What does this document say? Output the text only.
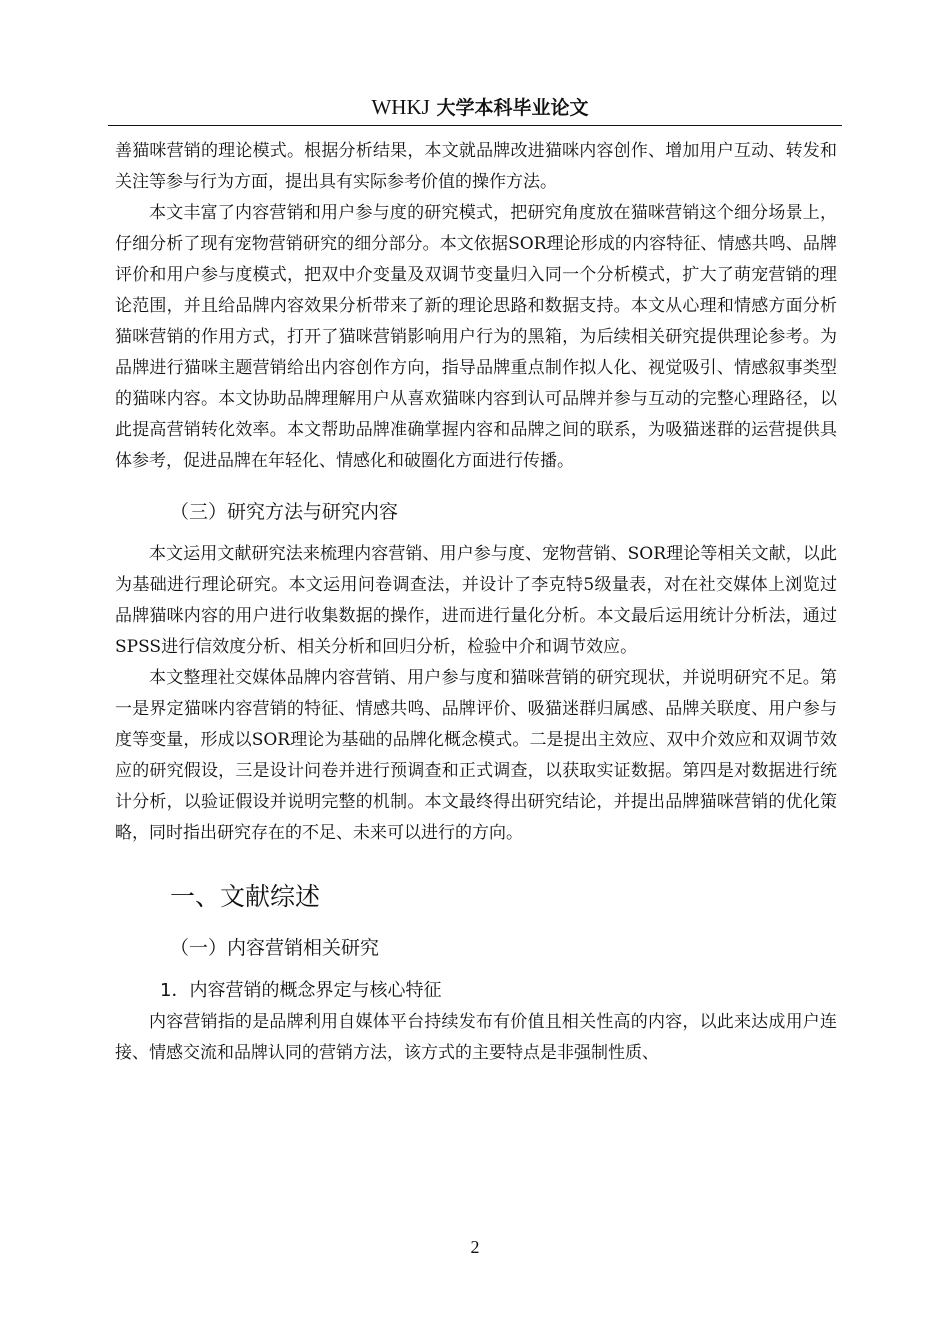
WHKJ 大学本科毕业论文

善猫咪营销的理论模式。根据分析结果，本文就品牌改进猫咪内容创作、增加用户互动、转发和关注等参与行为方面，提出具有实际参考价值的操作方法。

本文丰富了内容营销和用户参与度的研究模式，把研究角度放在猫咪营销这个细分场景上，仔细分析了现有宠物营销研究的细分部分。本文依据SOR理论形成的内容特征、情感共鸣、品牌评价和用户参与度模式，把双中介变量及双调节变量归入同一个分析模式，扩大了萌宠营销的理论范围，并且给品牌内容效果分析带来了新的理论思路和数据支持。本文从心理和情感方面分析猫咪营销的作用方式，打开了猫咪营销影响用户行为的黑箱，为后续相关研究提供理论参考。为品牌进行猫咪主题营销给出内容创作方向，指导品牌重点制作拟人化、视觉吸引、情感叙事类型的猫咪内容。本文协助品牌理解用户从喜欢猫咪内容到认可品牌并参与互动的完整心理路径，以此提高营销转化效率。本文帮助品牌准确掌握内容和品牌之间的联系，为吸猫迷群的运营提供具体参考，促进品牌在年轻化、情感化和破圈化方面进行传播。

（三）研究方法与研究内容

本文运用文献研究法来梳理内容营销、用户参与度、宠物营销、SOR理论等相关文献，以此为基础进行理论研究。本文运用问卷调查法，并设计了李克特5级量表，对在社交媒体上浏览过品牌猫咪内容的用户进行收集数据的操作，进而进行量化分析。本文最后运用统计分析法，通过SPSS进行信效度分析、相关分析和回归分析，检验中介和调节效应。

本文整理社交媒体品牌内容营销、用户参与度和猫咪营销的研究现状，并说明研究不足。第一是界定猫咪内容营销的特征、情感共鸣、品牌评价、吸猫迷群归属感、品牌关联度、用户参与度等变量，形成以SOR理论为基础的品牌化概念模式。二是提出主效应、双中介效应和双调节效应的研究假设，三是设计问卷并进行预调查和正式调查，以获取实证数据。第四是对数据进行统计分析，以验证假设并说明完整的机制。本文最终得出研究结论，并提出品牌猫咪营销的优化策略，同时指出研究存在的不足、未来可以进行的方向。

一、文献综述
（一）内容营销相关研究
1．内容营销的概念界定与核心特征

内容营销指的是品牌利用自媒体平台持续发布有价值且相关性高的内容，以此来达成用户连接、情感交流和品牌认同的营销方法，该方式的主要特点是非强制性质、

2
